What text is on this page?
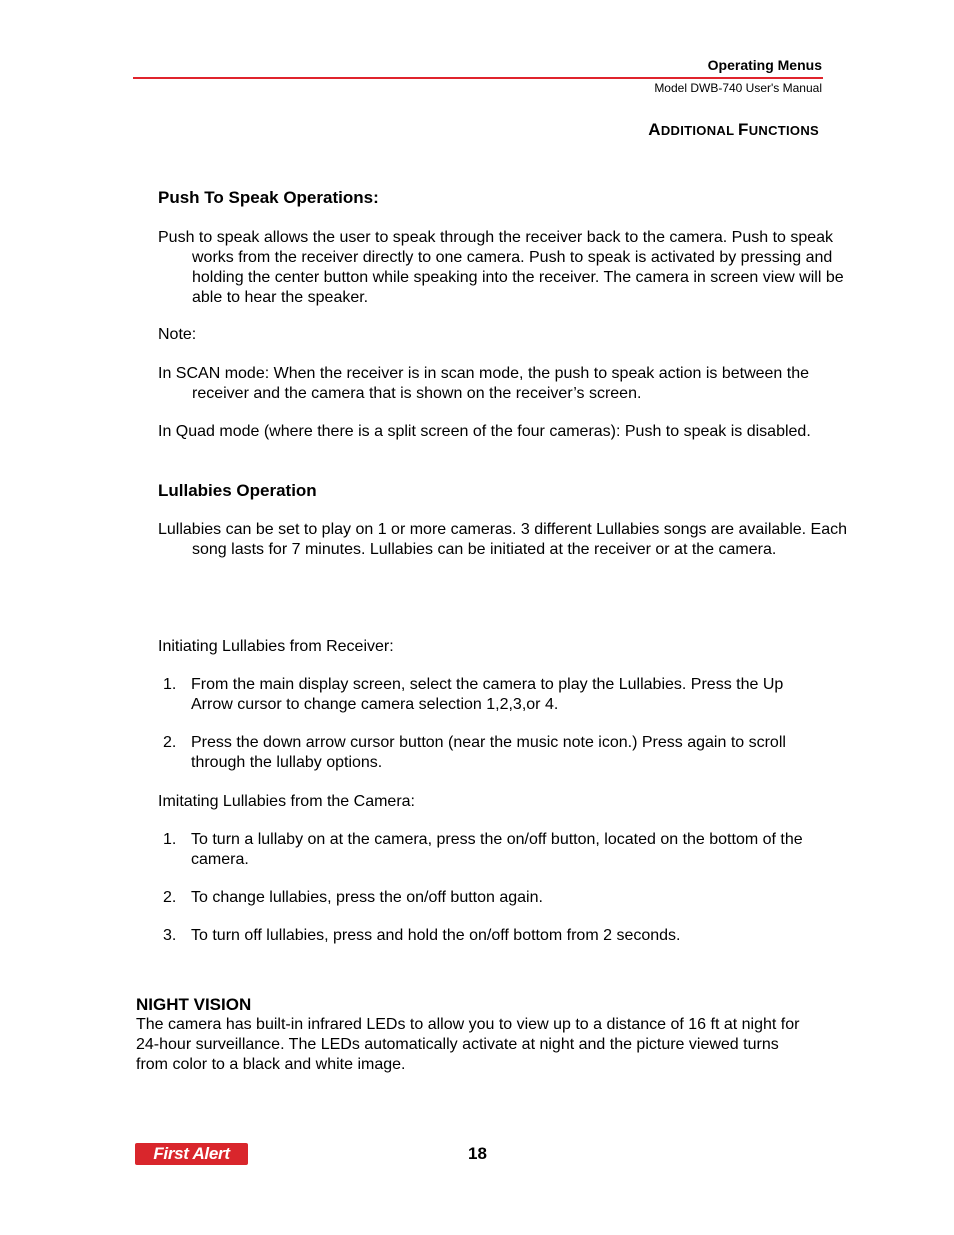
Operating Menus
Model DWB-740 User's Manual
ADDITIONAL FUNCTIONS
Push To Speak Operations:
Push to speak allows the user to speak through the receiver back to the camera. Push to speak works from the receiver directly to one camera. Push to speak is activated by pressing and holding the center button while speaking into the receiver. The camera in screen view will be able to hear the speaker.
Note:
In SCAN mode: When the receiver is in scan mode, the push to speak action is between the receiver and the camera that is shown on the receiver’s screen.
In Quad mode (where there is a split screen of the four cameras): Push to speak is disabled.
Lullabies Operation
Lullabies can be set to play on 1 or more cameras. 3 different Lullabies songs are available. Each song lasts for 7 minutes. Lullabies can be initiated at the receiver or at the camera.
Initiating Lullabies from Receiver:
1. From the main display screen, select the camera to play the Lullabies. Press the Up Arrow cursor to change camera selection 1,2,3,or 4.
2. Press the down arrow cursor button (near the music note icon.) Press again to scroll through the lullaby options.
Imitating Lullabies from the Camera:
1. To turn a lullaby on at the camera, press the on/off button, located on the bottom of the camera.
2. To change lullabies, press the on/off button again.
3. To turn off lullabies, press and hold the on/off bottom from 2 seconds.
NIGHT VISION
The camera has built-in infrared LEDs to allow you to view up to a distance of 16 ft at night for 24-hour surveillance. The LEDs automatically activate at night and the picture viewed turns from color to a black and white image.
First Alert	18
